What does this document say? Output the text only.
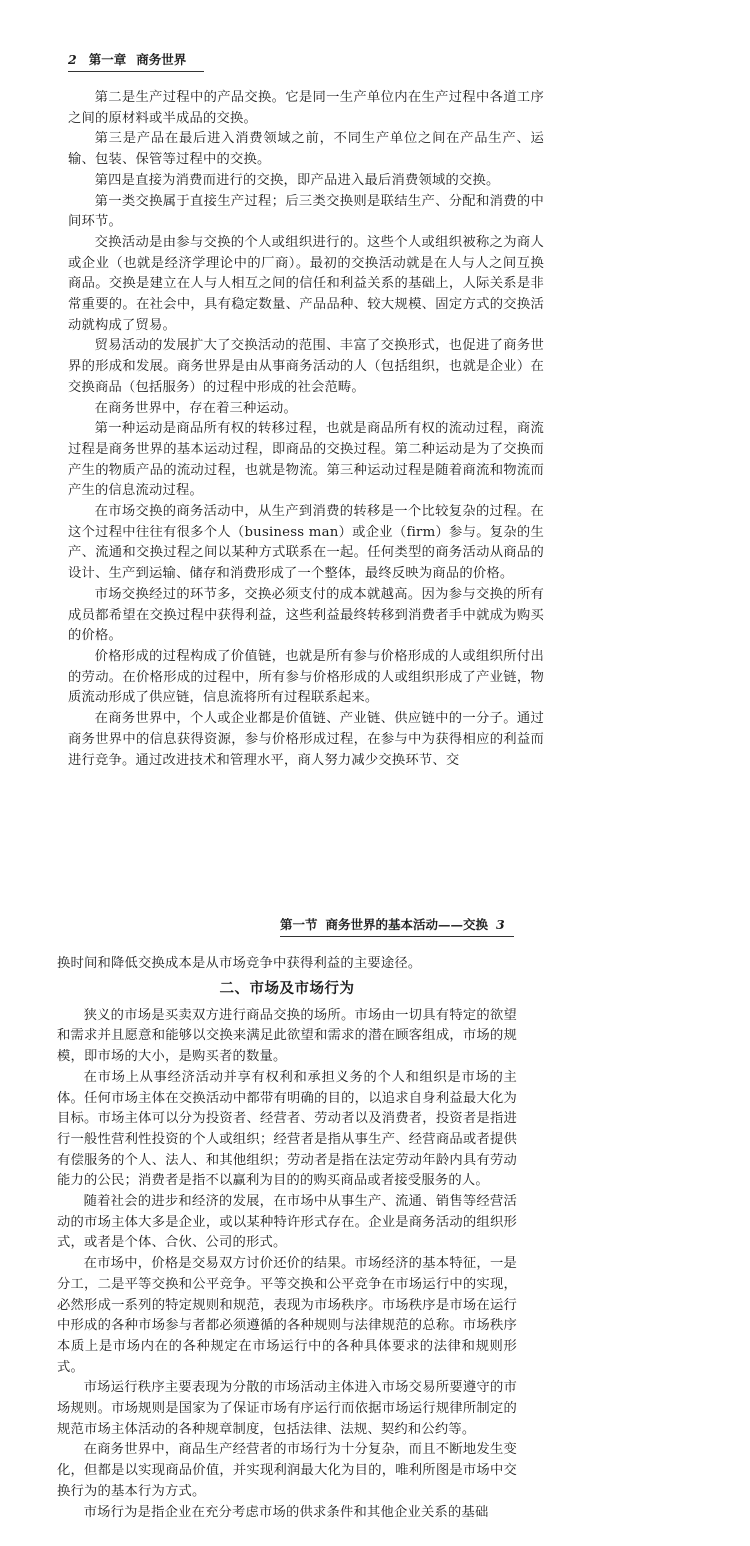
2 第一章 商务世界

第二是生产过程中的产品交换。它是同一生产单位内在生产过程中各道工序之间的原材料或半成品的交换。

第三是产品在最后进入消费领域之前，不同生产单位之间在产品生产、运输、包装、保管等过程中的交换。

第四是直接为消费而进行的交换，即产品进入最后消费领域的交换。

第一类交换属于直接生产过程；后三类交换则是联结生产、分配和消费的中间环节。

交换活动是由参与交换的个人或组织进行的。这些个人或组织被称之为商人或企业（也就是经济学理论中的厂商）。最初的交换活动就是在人与人之间互换商品。交换是建立在人与人相互之间的信任和利益关系的基础上，人际关系是非常重要的。在社会中，具有稳定数量、产品品种、较大规模、固定方式的交换活动就构成了贸易。

贸易活动的发展扩大了交换活动的范围、丰富了交换形式，也促进了商务世界的形成和发展。商务世界是由从事商务活动的人（包括组织，也就是企业）在交换商品（包括服务）的过程中形成的社会范畴。

在商务世界中，存在着三种运动。

第一种运动是商品所有权的转移过程，也就是商品所有权的流动过程，商流过程是商务世界的基本运动过程，即商品的交换过程。第二种运动是为了交换而产生的物质产品的流动过程，也就是物流。第三种运动过程是随着商流和物流而产生的信息流动过程。

在市场交换的商务活动中，从生产到消费的转移是一个比较复杂的过程。在这个过程中往往有很多个人（business man）或企业（firm）参与。复杂的生产、流通和交换过程之间以某种方式联系在一起。任何类型的商务活动从商品的设计、生产到运输、储存和消费形成了一个整体，最终反映为商品的价格。

市场交换经过的环节多，交换必须支付的成本就越高。因为参与交换的所有成员都希望在交换过程中获得利益，这些利益最终转移到消费者手中就成为购买的价格。

价格形成的过程构成了价值链，也就是所有参与价格形成的人或组织所付出的劳动。在价格形成的过程中，所有参与价格形成的人或组织形成了产业链，物质流动形成了供应链，信息流将所有过程联系起来。

在商务世界中，个人或企业都是价值链、产业链、供应链中的一分子。通过商务世界中的信息获得资源，参与价格形成过程，在参与中为获得相应的利益而进行竞争。通过改进技术和管理水平，商人努力减少交换环节、交

第一节 商务世界的基本活动——交换 3

换时间和降低交换成本是从市场竞争中获得利益的主要途径。

二、市场及市场行为

狭义的市场是买卖双方进行商品交换的场所。市场由一切具有特定的欲望和需求并且愿意和能够以交换来满足此欲望和需求的潜在顾客组成，市场的规模，即市场的大小，是购买者的数量。

在市场上从事经济活动并享有权利和承担义务的个人和组织是市场的主体。任何市场主体在交换活动中都带有明确的目的，以追求自身利益最大化为目标。市场主体可以分为投资者、经营者、劳动者以及消费者，投资者是指进行一般性营利性投资的个人或组织；经营者是指从事生产、经营商品或者提供有偿服务的个人、法人、和其他组织；劳动者是指在法定劳动年龄内具有劳动能力的公民；消费者是指不以赢利为目的的购买商品或者接受服务的人。

随着社会的进步和经济的发展，在市场中从事生产、流通、销售等经营活动的市场主体大多是企业，或以某种特许形式存在。企业是商务活动的组织形式，或者是个体、合伙、公司的形式。

在市场中，价格是交易双方讨价还价的结果。市场经济的基本特征，一是分工，二是平等交换和公平竞争。平等交换和公平竞争在市场运行中的实现，必然形成一系列的特定规则和规范，表现为市场秩序。市场秩序是市场在运行中形成的各种市场参与者都必须遵循的各种规则与法律规范的总称。市场秩序本质上是市场内在的各种规定在市场运行中的各种具体要求的法律和规则形式。

市场运行秩序主要表现为分散的市场活动主体进入市场交易所要遵守的市场规则。市场规则是国家为了保证市场有序运行而依据市场运行规律所制定的规范市场主体活动的各种规章制度，包括法律、法规、契约和公约等。

在商务世界中，商品生产经营者的市场行为十分复杂，而且不断地发生变化，但都是以实现商品价值，并实现利润最大化为目的，唯利所图是市场中交换行为的基本行为方式。

市场行为是指企业在充分考虑市场的供求条件和其他企业关系的基础
